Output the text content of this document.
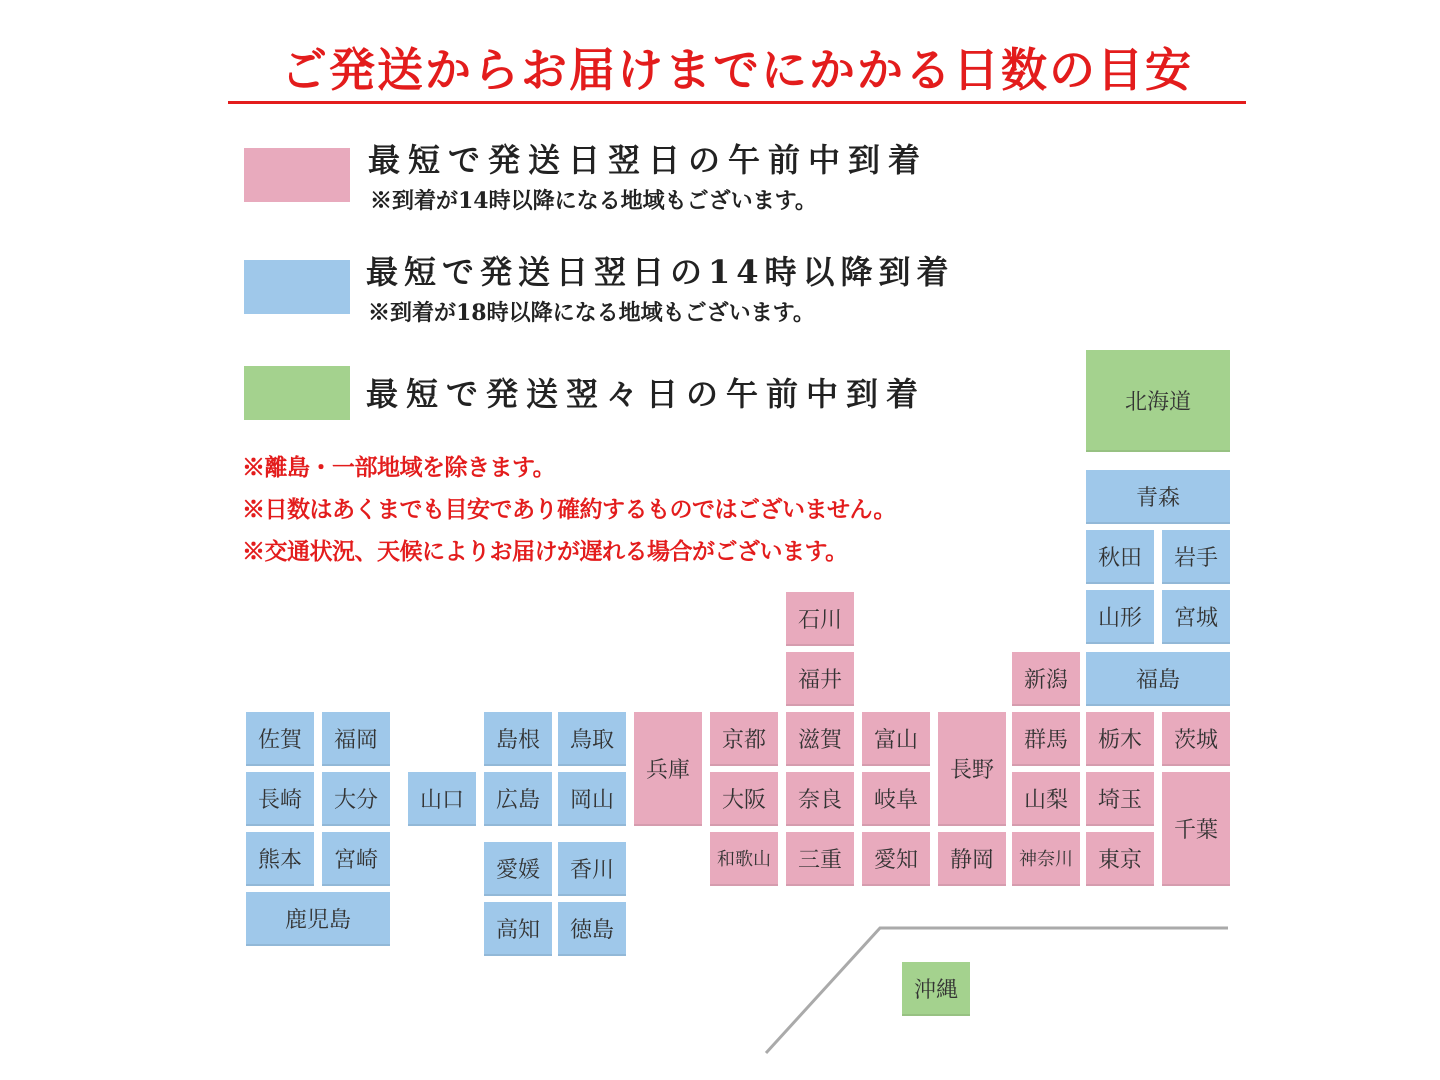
ご発送からお届けまでにかかる日数の目安
最短で発送日翌日の午前中到着
※到着が14時以降になる地域もございます。
最短で発送日翌日の14時以降到着
※到着が18時以降になる地域もございます。
最短で発送翌々日の午前中到着
※離島・一部地域を除きます。
※日数はあくまでも目安であり確約するものではございません。
※交通状況、天候によりお届けが遅れる場合がございます。
北海道
青森
秋田	岩手
山形	宮城
福島
新潟
群馬	栃木	茨城
山梨	埼玉
千葉
神奈川	東京
長野
静岡
富山
岐阜
愛知
石川
福井
滋賀
奈良
三重
京都
大阪
和歌山
兵庫
島根	鳥取
広島	岡山
山口
愛媛	香川
高知	徳島
佐賀	福岡
長崎	大分
熊本	宮崎
鹿児島
沖縄
